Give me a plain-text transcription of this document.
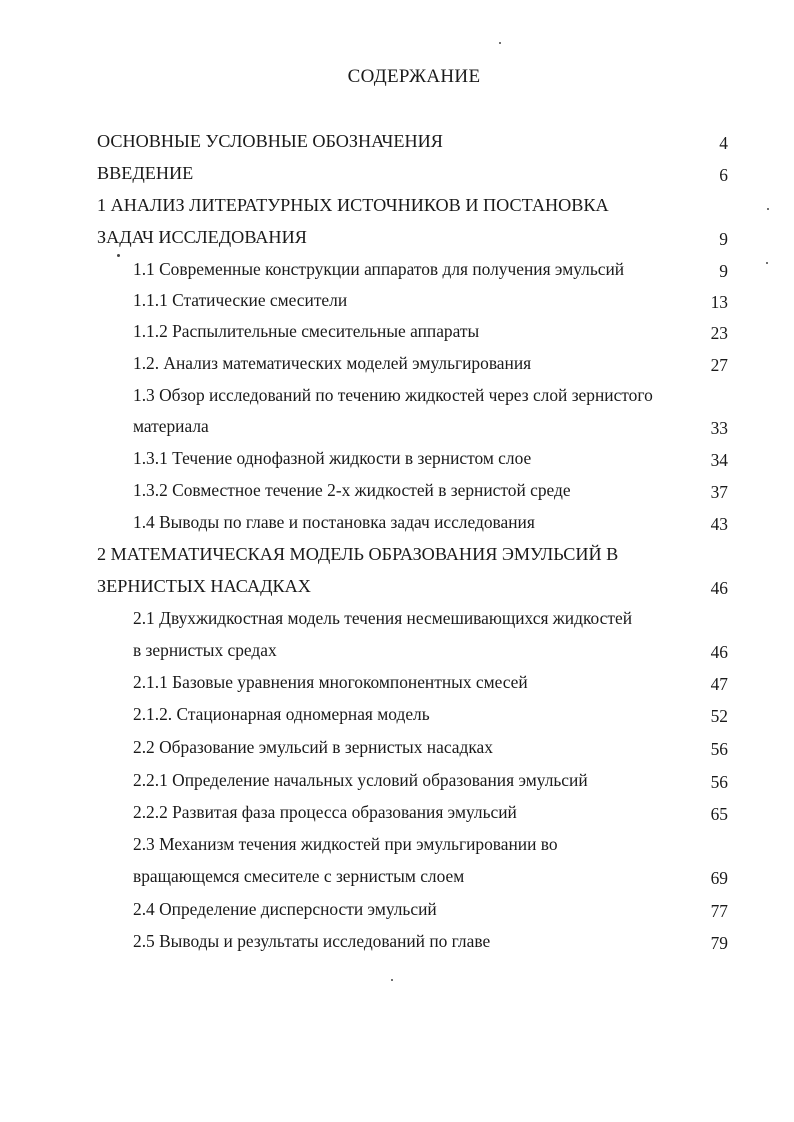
СОДЕРЖАНИЕ
ОСНОВНЫЕ УСЛОВНЫЕ ОБОЗНАЧЕНИЯ	4
ВВЕДЕНИЕ	6
1 АНАЛИЗ ЛИТЕРАТУРНЫХ ИСТОЧНИКОВ И ПОСТАНОВКА
ЗАДАЧ ИССЛЕДОВАНИЯ	9
1.1 Современные конструкции аппаратов для получения эмульсий	9
1.1.1 Статические смесители	13
1.1.2 Распылительные смесительные аппараты	23
1.2. Анализ математических моделей эмульгирования	27
1.3 Обзор исследований по течению жидкостей через слой зернистого
материала	33
1.3.1 Течение однофазной жидкости в зернистом слое	34
1.3.2 Совместное течение 2-х жидкостей в зернистой среде	37
1.4 Выводы по главе и постановка задач исследования	43
2 МАТЕМАТИЧЕСКАЯ МОДЕЛЬ ОБРАЗОВАНИЯ ЭМУЛЬСИЙ В
ЗЕРНИСТЫХ НАСАДКАХ	46
2.1 Двухжидкостная модель течения несмешивающихся жидкостей
в зернистых средах	46
2.1.1 Базовые уравнения многокомпонентных смесей	47
2.1.2. Стационарная одномерная модель	52
2.2 Образование эмульсий в зернистых насадках	56
2.2.1 Определение начальных условий образования эмульсий	56
2.2.2 Развитая фаза процесса образования эмульсий	65
2.3 Механизм течения жидкостей при эмульгировании во
вращающемся смесителе с зернистым слоем	69
2.4 Определение дисперсности эмульсий	77
2.5 Выводы и результаты исследований по главе	79
